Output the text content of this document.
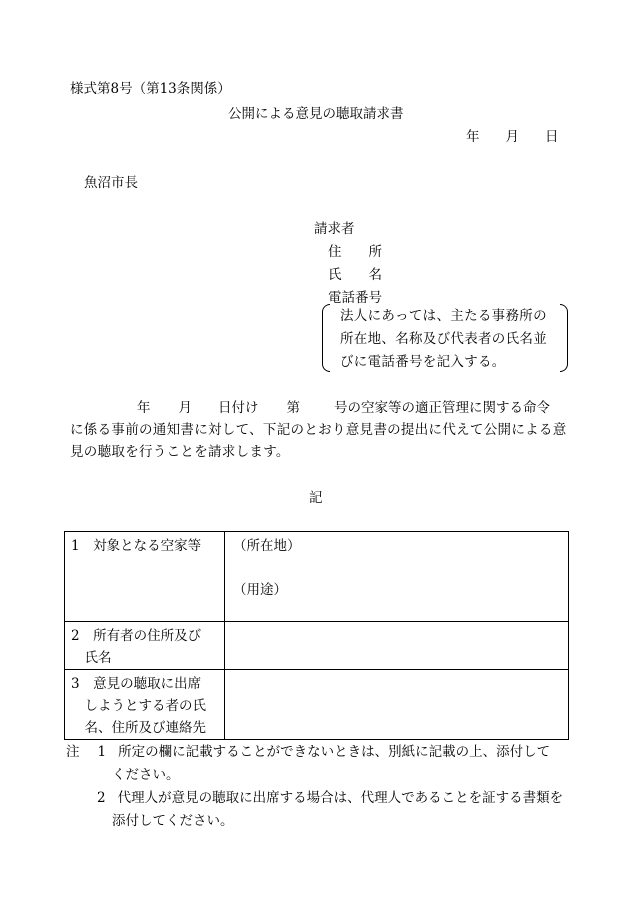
様式第8号（第13条関係）
公開による意見の聴取請求書
年 月 日
魚沼市長
請求者
住　　所
氏　　名
電話番号
法人にあっては、主たる事務所の
所在地、名称及び代表者の氏名並
びに電話番号を記入する。
年 月 日付け 第	号の空家等の適正管理に関する命令
に係る事前の通知書に対して、下記のとおり意見書の提出に代えて公開による意
見の聴取を行うことを請求します。
記
1　対象となる空家等	（所在地）
（用途）

2　所有者の住所及び
　氏名	

3　意見の聴取に出席
　しようとする者の氏
　名、住所及び連絡先	

注 1 所定の欄に記載することができないときは、別紙に記載の上、添付して
ください。
2 代理人が意見の聴取に出席する場合は、代理人であることを証する書類を
添付してください。
